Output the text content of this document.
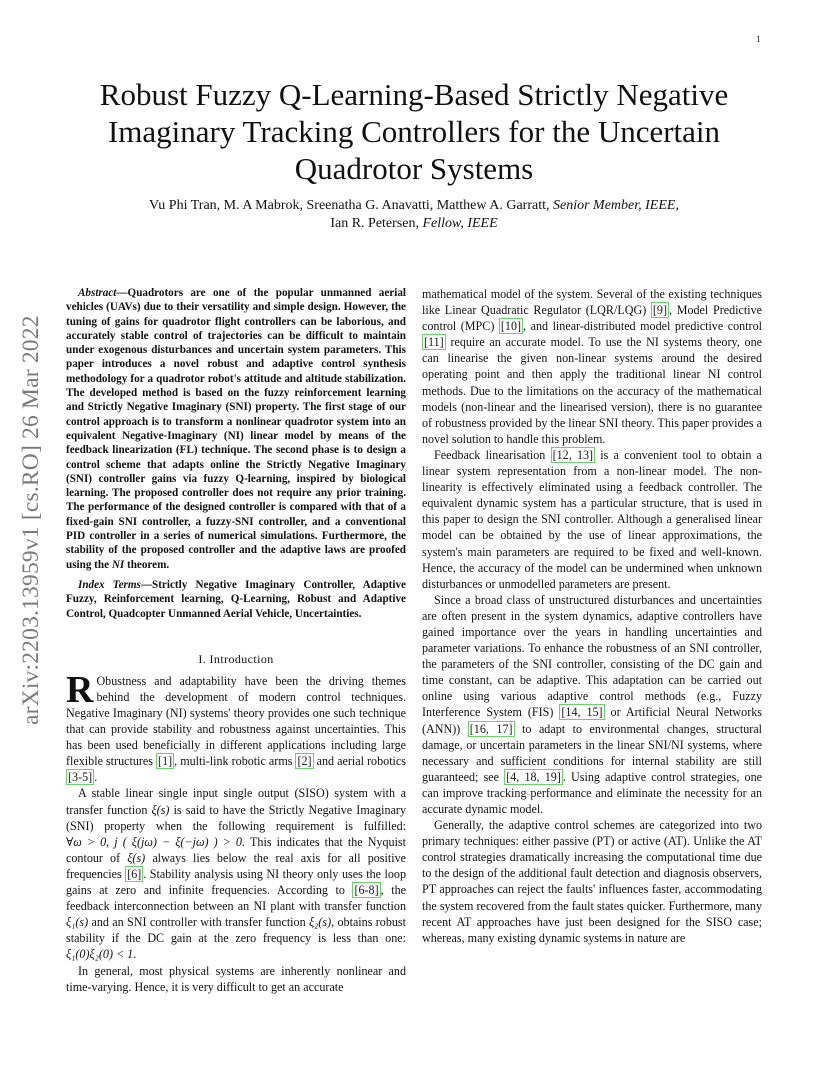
1
arXiv:2203.13959v1 [cs.RO] 26 Mar 2022
Robust Fuzzy Q-Learning-Based Strictly Negative Imaginary Tracking Controllers for the Uncertain Quadrotor Systems
Vu Phi Tran, M. A Mabrok, Sreenatha G. Anavatti, Matthew A. Garratt, Senior Member, IEEE,
Ian R. Petersen, Fellow, IEEE

Abstract—Quadrotors are one of the popular unmanned aerial vehicles (UAVs) due to their versatility and simple design. However, the tuning of gains for quadrotor flight controllers can be laborious, and accurately stable control of trajectories can be difficult to maintain under exogenous disturbances and uncertain system parameters. This paper introduces a novel robust and adaptive control synthesis methodology for a quadrotor robot's attitude and altitude stabilization. The developed method is based on the fuzzy reinforcement learning and Strictly Negative Imaginary (SNI) property. The first stage of our control approach is to transform a nonlinear quadrotor system into an equivalent Negative-Imaginary (NI) linear model by means of the feedback linearization (FL) technique. The second phase is to design a control scheme that adapts online the Strictly Negative Imaginary (SNI) controller gains via fuzzy Q-learning, inspired by biological learning. The proposed controller does not require any prior training. The performance of the designed controller is compared with that of a fixed-gain SNI controller, a fuzzy-SNI controller, and a conventional PID controller in a series of numerical simulations. Furthermore, the stability of the proposed controller and the adaptive laws are proofed using the NI theorem.

Index Terms—Strictly Negative Imaginary Controller, Adaptive Fuzzy, Reinforcement learning, Q-Learning, Robust and Adaptive Control, Quadcopter Unmanned Aerial Vehicle, Uncertainties.

I. Introduction

R Obustness and adaptability have been the driving themes behind the development of modern control techniques. Negative Imaginary (NI) systems' theory provides one such technique that can provide stability and robustness against uncertainties. This has been used beneficially in different applications including large flexible structures [1] , multi-link robotic arms [2] and aerial robotics [3-5] .

A stable linear single input single output (SISO) system with a transfer function ξ(s) is said to have the Strictly Negative Imaginary (SNI) property when the following requirement is fulfilled: ∀ω > 0, j ( ξ(jω) − ξ(−jω) ) > 0. This indicates that the Nyquist contour of ξ(s) always lies below the real axis for all positive frequencies [6] . Stability analysis using NI theory only uses the loop gains at zero and infinite frequencies. According to [6-8] , the feedback interconnection between an NI plant with transfer function ξ₁(s) and an SNI controller with transfer function ξ₂(s), obtains robust stability if the DC gain at the zero frequency is less than one: ξ₁(0)ξ₂(0) < 1.

In general, most physical systems are inherently nonlinear and time-varying. Hence, it is very difficult to get an accurate

mathematical model of the system. Several of the existing techniques like Linear Quadratic Regulator (LQR/LQG) [9] , Model Predictive control (MPC) [10] , and linear-distributed model predictive control [11] require an accurate model. To use the NI systems theory, one can linearise the given non-linear systems around the desired operating point and then apply the traditional linear NI control methods. Due to the limitations on the accuracy of the mathematical models (non-linear and the linearised version), there is no guarantee of robustness provided by the linear SNI theory. This paper provides a novel solution to handle this problem.

Feedback linearisation [12, 13] is a convenient tool to obtain a linear system representation from a non-linear model. The non-linearity is effectively eliminated using a feedback controller. The equivalent dynamic system has a particular structure, that is used in this paper to design the SNI controller. Although a generalised linear model can be obtained by the use of linear approximations, the system's main parameters are required to be fixed and well-known. Hence, the accuracy of the model can be undermined when unknown disturbances or unmodelled parameters are present.

Since a broad class of unstructured disturbances and uncertainties are often present in the system dynamics, adaptive controllers have gained importance over the years in handling uncertainties and parameter variations. To enhance the robustness of an SNI controller, the parameters of the SNI controller, consisting of the DC gain and time constant, can be adaptive. This adaptation can be carried out online using various adaptive control methods (e.g., Fuzzy Interference System (FIS) [14, 15] or Artificial Neural Networks (ANN)) [16, 17] to adapt to environmental changes, structural damage, or uncertain parameters in the linear SNI/NI systems, where necessary and sufficient conditions for internal stability are still guaranteed; see [4, 18, 19] . Using adaptive control strategies, one can improve tracking performance and eliminate the necessity for an accurate dynamic model.

Generally, the adaptive control schemes are categorized into two primary techniques: either passive (PT) or active (AT). Unlike the AT control strategies dramatically increasing the computational time due to the design of the additional fault detection and diagnosis observers, PT approaches can reject the faults' influences faster, accommodating the system recovered from the fault states quicker. Furthermore, many recent AT approaches have just been designed for the SISO case; whereas, many existing dynamic systems in nature are
